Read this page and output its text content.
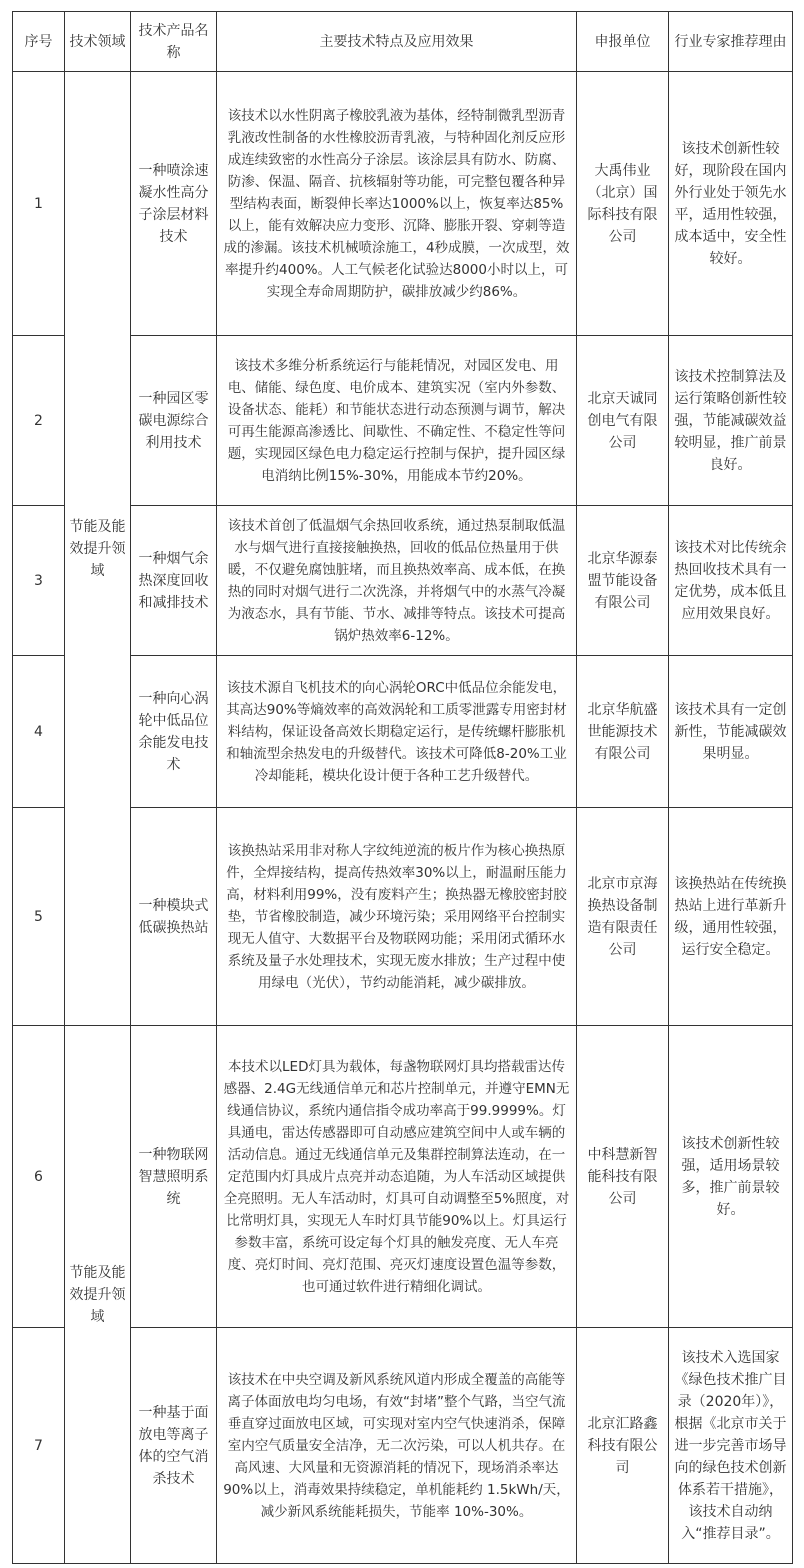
序号	技术领域	技术产品名称	主要技术特点及应用效果	申报单位	行业专家推荐理由
1	节能及能效提升领域	一种喷涂速凝水性高分子涂层材料技术	该技术以水性阴离子橡胶乳液为基体，经特制微乳型沥青乳液改性制备的水性橡胶沥青乳液，与特种固化剂反应形成连续致密的水性高分子涂层。该涂层具有防水、防腐、防渗、保温、隔音、抗核辐射等功能，可完整包覆各种异型结构表面，断裂伸长率达1000%以上，恢复率达85%以上，能有效解决应力变形、沉降、膨胀开裂、穿刺等造成的渗漏。该技术机械喷涂施工，4秒成膜，一次成型，效率提升约400%。人工气候老化试验达8000小时以上，可实现全寿命周期防护，碳排放减少约86%。	大禹伟业（北京）国际科技有限公司	该技术创新性较好，现阶段在国内外行业处于领先水平，适用性较强，成本适中，安全性较好。
2		一种园区零碳电源综合利用技术	该技术多维分析系统运行与能耗情况，对园区发电、用电、储能、绿色度、电价成本、建筑实况（室内外参数、设备状态、能耗）和节能状态进行动态预测与调节，解决可再生能源高渗透比、间歇性、不确定性、不稳定性等问题，实现园区绿色电力稳定运行控制与保护，提升园区绿电消纳比例15%-30%，用能成本节约20%。	北京天诚同创电气有限公司	该技术控制算法及运行策略创新性较强，节能减碳效益较明显，推广前景良好。
3		一种烟气余热深度回收和减排技术	该技术首创了低温烟气余热回收系统，通过热泵制取低温水与烟气进行直接接触换热，回收的低品位热量用于供暖，不仅避免腐蚀脏堵，而且换热效率高、成本低，在换热的同时对烟气进行二次洗涤，并将烟气中的水蒸气冷凝为液态水，具有节能、节水、减排等特点。该技术可提高锅炉热效率6-12%。	北京华源泰盟节能设备有限公司	该技术对比传统余热回收技术具有一定优势，成本低且应用效果良好。
4		一种向心涡轮中低品位余能发电技术	该技术源自飞机技术的向心涡轮ORC中低品位余能发电，其高达90%等熵效率的高效涡轮和工质零泄露专用密封材料结构，保证设备高效长期稳定运行，是传统螺杆膨胀机和轴流型余热发电的升级替代。该技术可降低8-20%工业冷却能耗，模块化设计便于各种工艺升级替代。	北京华航盛世能源技术有限公司	该技术具有一定创新性，节能减碳效果明显。
5		一种模块式低碳换热站	该换热站采用非对称人字纹纯逆流的板片作为核心换热原件，全焊接结构，提高传热效率30%以上，耐温耐压能力高，材料利用99%，没有废料产生；换热器无橡胶密封胶垫，节省橡胶制造，减少环境污染；采用网络平台控制实现无人值守、大数据平台及物联网功能；采用闭式循环水系统及量子水处理技术，实现无废水排放；生产过程中使用绿电（光伏），节约动能消耗，减少碳排放。	北京市京海换热设备制造有限责任公司	该换热站在传统换热站上进行革新升级，通用性较强，运行安全稳定。
6	节能及能效提升领域	一种物联网智慧照明系统	本技术以LED灯具为载体，每盏物联网灯具均搭载雷达传感器、2.4G无线通信单元和芯片控制单元，并遵守EMN无线通信协议，系统内通信指令成功率高于99.9999%。灯具通电，雷达传感器即可自动感应建筑空间中人或车辆的活动信息。通过无线通信单元及集群控制算法连动，在一定范围内灯具成片点亮并动态追随，为人车活动区域提供全亮照明。无人车活动时，灯具可自动调整至5%照度，对比常明灯具，实现无人车时灯具节能90%以上。灯具运行参数丰富，系统可设定每个灯具的触发亮度、无人车亮度、亮灯时间、亮灯范围、亮灭灯速度设置色温等参数，也可通过软件进行精细化调试。	中科慧新智能科技有限公司	该技术创新性较强，适用场景较多，推广前景较好。
7		一种基于面放电等离子体的空气消杀技术	该技术在中央空调及新风系统风道内形成全覆盖的高能等离子体面放电均匀电场，有效“封堵”整个气路，当空气流垂直穿过面放电区域，可实现对室内空气快速消杀，保障室内空气质量安全洁净，无二次污染，可以人机共存。在高风速、大风量和无资源消耗的情况下，现场消杀率达90%以上，消毒效果持续稳定，单机能耗约 1.5kWh/天，减少新风系统能耗损失，节能率 10%-30%。	北京汇路鑫科技有限公司	该技术入选国家《绿色技术推广目录（2020年）》，根据《北京市关于进一步完善市场导向的绿色技术创新体系若干措施》，该技术自动纳入“推荐目录”。
